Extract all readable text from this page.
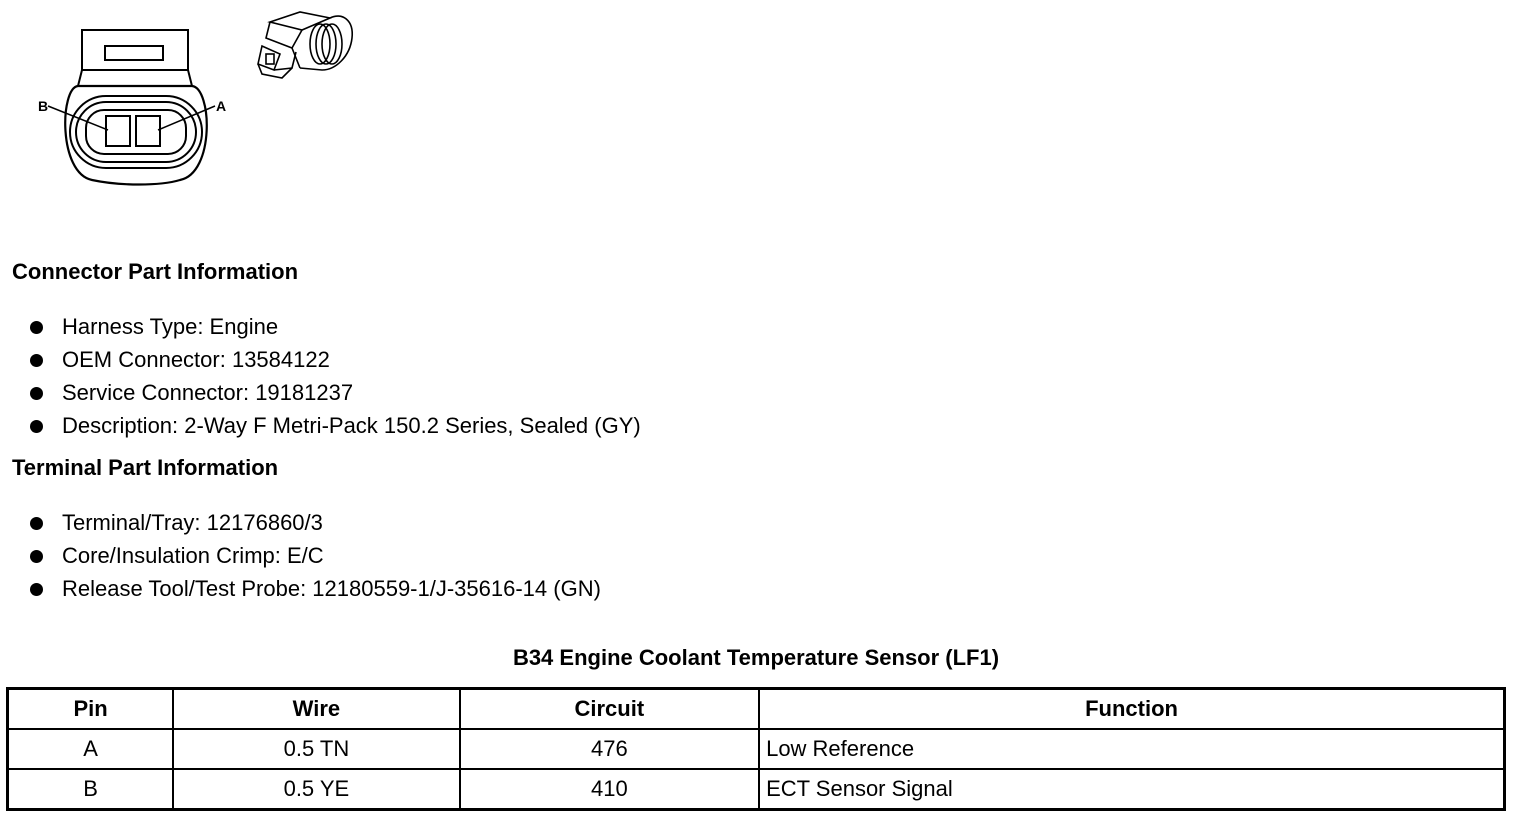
B	A
Connector Part Information
Harness Type: Engine
OEM Connector: 13584122
Service Connector: 19181237
Description: 2-Way F Metri-Pack 150.2 Series, Sealed (GY)
Terminal Part Information
Terminal/Tray: 12176860/3
Core/Insulation Crimp: E/C
Release Tool/Test Probe: 12180559-1/J-35616-14 (GN)
B34 Engine Coolant Temperature Sensor (LF1)
Pin	Wire	Circuit	Function
A	0.5 TN	476	Low Reference
B	0.5 YE	410	ECT Sensor Signal
